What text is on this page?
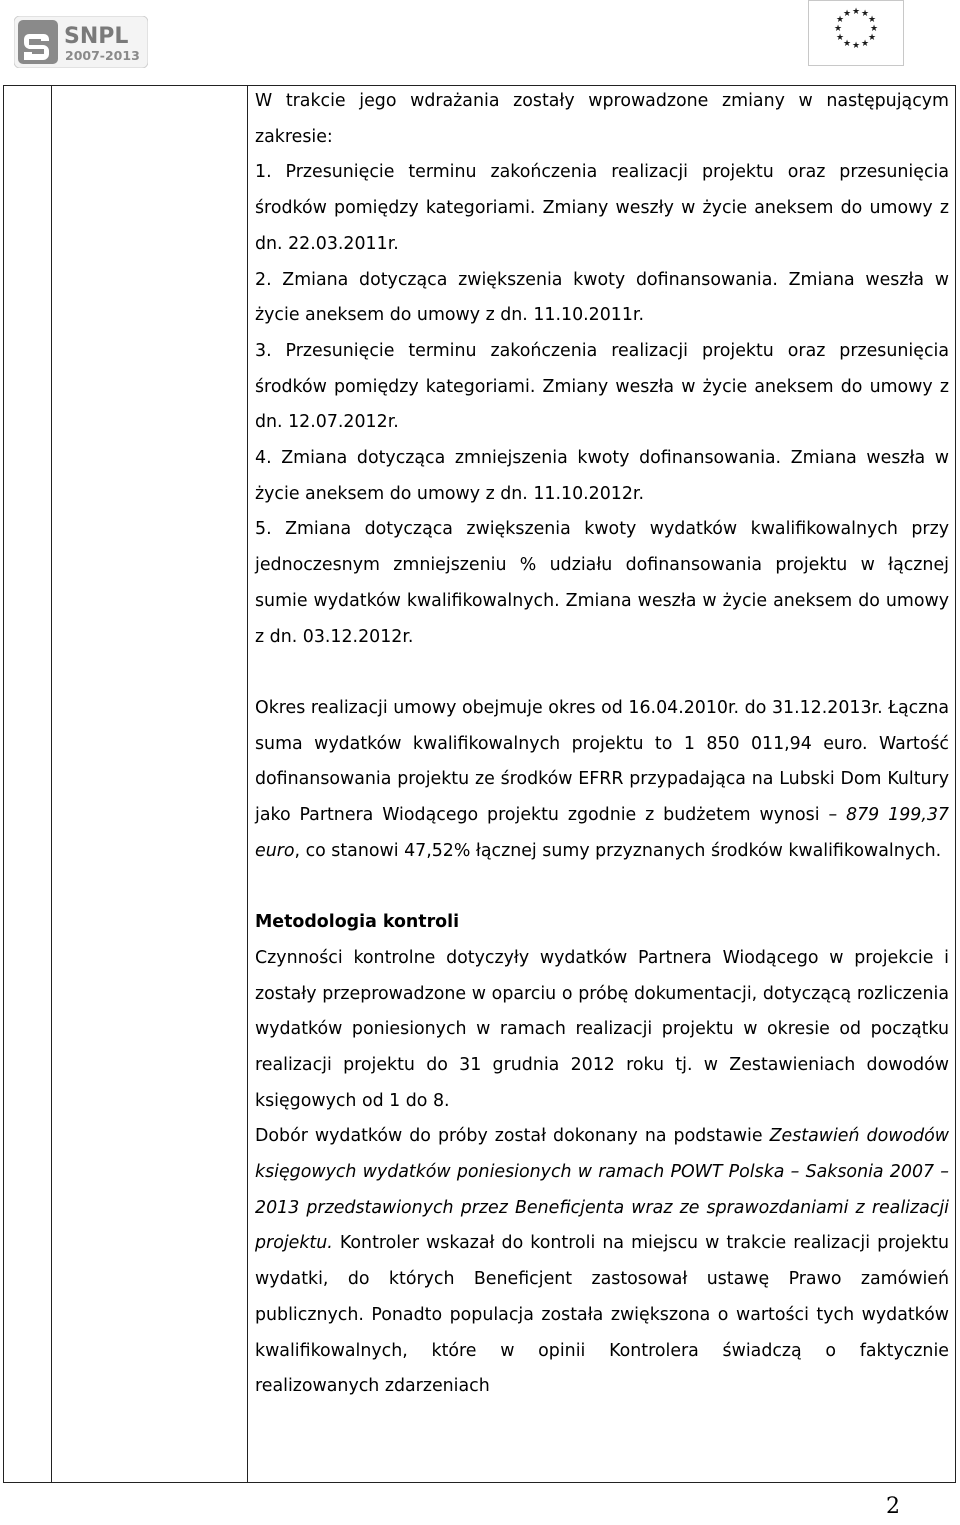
SNPL
2007-2013
★ ★
★
★
★
★
★
★
★
★
★
★

W trakcie jego wdrażania zostały wprowadzone zmiany w następującym zakresie:

1. Przesunięcie terminu zakończenia realizacji projektu oraz przesunięcia środków pomiędzy kategoriami. Zmiany weszły w życie aneksem do umowy z dn. 22.03.2011r.

2. Zmiana dotycząca zwiększenia kwoty dofinansowania. Zmiana weszła w życie aneksem do umowy z dn. 11.10.2011r.

3. Przesunięcie terminu zakończenia realizacji projektu oraz przesunięcia środków pomiędzy kategoriami. Zmiany weszła w życie aneksem do umowy z dn. 12.07.2012r.

4. Zmiana dotycząca zmniejszenia kwoty dofinansowania. Zmiana weszła w życie aneksem do umowy z dn. 11.10.2012r.

5. Zmiana dotycząca zwiększenia kwoty wydatków kwalifikowalnych przy jednoczesnym zmniejszeniu % udziału dofinansowania projektu w łącznej sumie wydatków kwalifikowalnych. Zmiana weszła w życie aneksem do umowy z dn. 03.12.2012r.

Okres realizacji umowy obejmuje okres od 16.04.2010r. do 31.12.2013r. Łączna suma wydatków kwalifikowalnych projektu to 1 850 011,94 euro. Wartość dofinansowania projektu ze środków EFRR przypadająca na Lubski Dom Kultury jako Partnera Wiodącego projektu zgodnie z budżetem wynosi – 879 199,37 euro, co stanowi 47,52% łącznej sumy przyznanych środków kwalifikowalnych.

Metodologia kontroli

Czynności kontrolne dotyczyły wydatków Partnera Wiodącego w projekcie i zostały przeprowadzone w oparciu o próbę dokumentacji, dotyczącą rozliczenia wydatków poniesionych w ramach realizacji projektu w okresie od początku realizacji projektu do 31 grudnia 2012 roku tj. w Zestawieniach dowodów księgowych od 1 do 8.

Dobór wydatków do próby został dokonany na podstawie Zestawień dowodów księgowych wydatków poniesionych w ramach POWT Polska – Saksonia 2007 – 2013 przedstawionych przez Beneficjenta wraz ze sprawozdaniami z realizacji projektu. Kontroler wskazał do kontroli na miejscu w trakcie realizacji projektu wydatki, do których Beneficjent zastosował ustawę Prawo zamówień publicznych. Ponadto populacja została zwiększona o wartości tych wydatków kwalifikowalnych, które w opinii Kontrolera świadczą o faktycznie realizowanych zdarzeniach

2
